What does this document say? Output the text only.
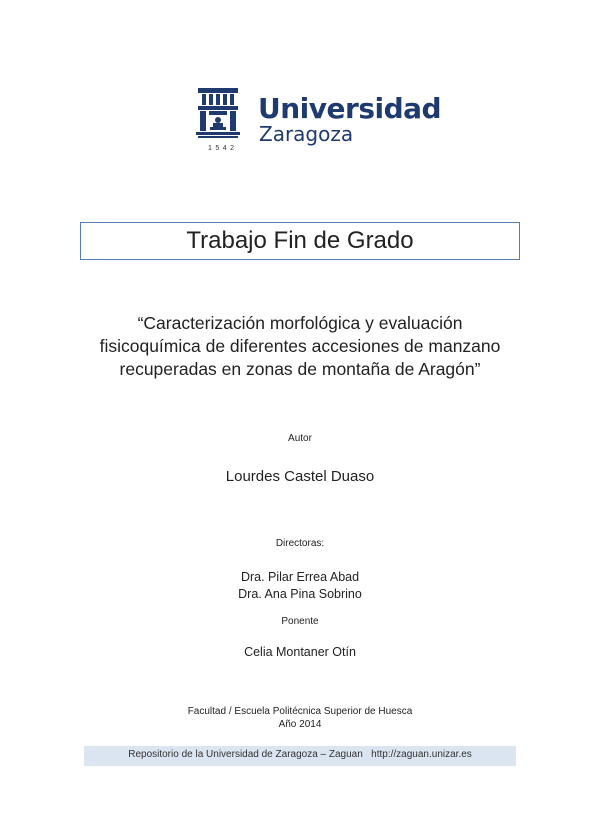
Universidad
Zaragoza
1542
Trabajo Fin de Grado
“Caracterización morfológica y evaluación
fisicoquímica de diferentes accesiones de manzano
recuperadas en zonas de montaña de Aragón”
Autor
Lourdes Castel Duaso
Directoras:
Dra. Pilar Errea Abad
Dra. Ana Pina Sobrino
Ponente
Celia Montaner Otín
Facultad / Escuela Politécnica Superior de Huesca
Año 2014
Repositorio de la Universidad de Zaragoza – Zaguan http://zaguan.unizar.es
